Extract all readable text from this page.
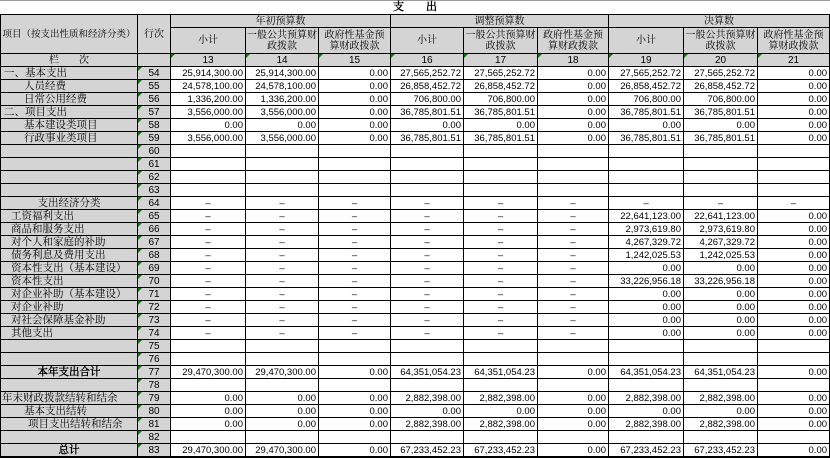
支　　出
项目（按支出性质和经济分类）	行次	年初预算数			调整预算数			决算数		
		小计	一般公共预算财政拨款	政府性基金预算财政拨款	小计	一般公共预算财政拨款	政府性基金预算财政拨款	小计	一般公共预算财政拨款	政府性基金预算财政拨款
栏　　次		13	14	15	16	17	18	19	20	21
一、基本支出	54	25,914,300.00	25,914,300.00	0.00	27,565,252.72	27,565,252.72	0.00	27,565,252.72	27,565,252.72	0.00
人员经费	55	24,578,100.00	24,578,100.00	0.00	26,858,452.72	26,858,452.72	0.00	26,858,452.72	26,858,452.72	0.00
日常公用经费	56	1,336,200.00	1,336,200.00	0.00	706,800.00	706,800.00	0.00	706,800.00	706,800.00	0.00
二、项目支出	57	3,556,000.00	3,556,000.00	0.00	36,785,801.51	36,785,801.51	0.00	36,785,801.51	36,785,801.51	0.00
基本建设类项目	58	0.00	0.00	0.00	0.00	0.00	0.00	0.00	0.00	0.00
行政事业类项目	59	3,556,000.00	3,556,000.00	0.00	36,785,801.51	36,785,801.51	0.00	36,785,801.51	36,785,801.51	0.00
	60									
	61									
	62									
	63									
支出经济分类	64	–	–	–	–	–	–	–	–	–
工资福利支出	65	–	–	–	–	–	–	22,641,123.00	22,641,123.00	0.00
商品和服务支出	66	–	–	–	–	–	–	2,973,619.80	2,973,619.80	0.00
对个人和家庭的补助	67	–	–	–	–	–	–	4,267,329.72	4,267,329.72	0.00
债务利息及费用支出	68	–	–	–	–	–	–	1,242,025.53	1,242,025.53	0.00
资本性支出（基本建设）	69	–	–	–	–	–	–	0.00	0.00	0.00
资本性支出	70	–	–	–	–	–	–	33,226,956.18	33,226,956.18	0.00
对企业补助（基本建设）	71	–	–	–	–	–	–	0.00	0.00	0.00
对企业补助	72	–	–	–	–	–	–	0.00	0.00	0.00
对社会保障基金补助	73	–	–	–	–	–	–	0.00	0.00	0.00
其他支出	74	–	–	–	–	–	–	0.00	0.00	0.00
	75									
	76									
本年支出合计	77	29,470,300.00	29,470,300.00	0.00	64,351,054.23	64,351,054.23	0.00	64,351,054.23	64,351,054.23	0.00
	78									
年末财政拨款结转和结余	79	0.00	0.00	0.00	2,882,398.00	2,882,398.00	0.00	2,882,398.00	2,882,398.00	0.00
基本支出结转	80	0.00	0.00	0.00	0.00	0.00	0.00	0.00	0.00	0.00
项目支出结转和结余	81	0.00	0.00	0.00	2,882,398.00	2,882,398.00	0.00	2,882,398.00	2,882,398.00	0.00
	82									
总计	83	29,470,300.00	29,470,300.00	0.00	67,233,452.23	67,233,452.23	0.00	67,233,452.23	67,233,452.23	0.00
